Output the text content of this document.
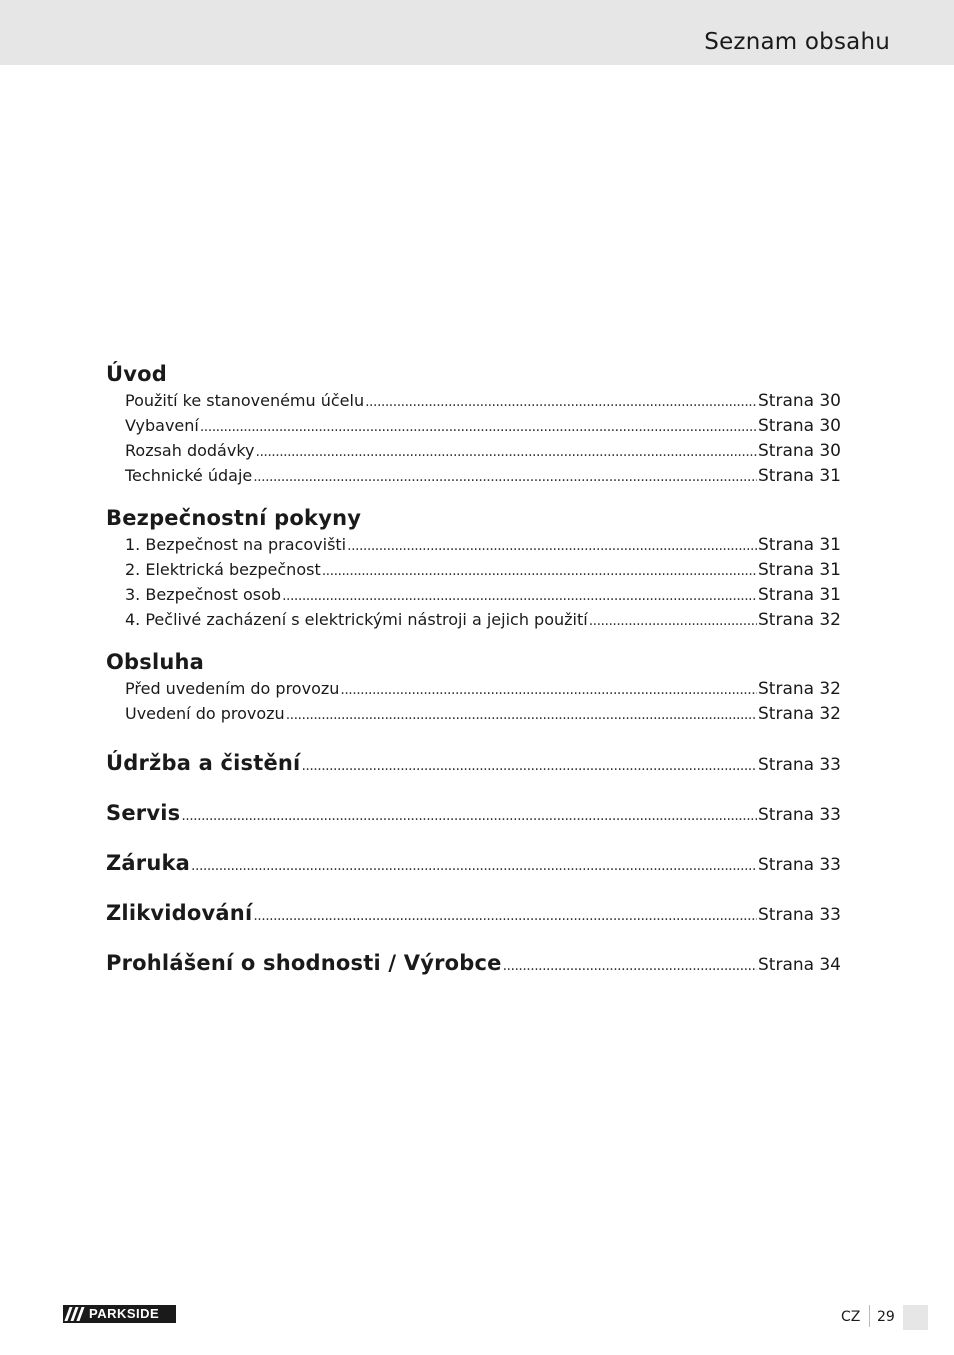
Seznam obsahu
Úvod
Použití ke stanovenému účelu .....	Strana 30
Vybavení .....	Strana 30
Rozsah dodávky .....	Strana 30
Technické údaje .....	Strana 31
Bezpečnostní pokyny
1. Bezpečnost na pracovišti .....	Strana 31
2. Elektrická bezpečnost .....	Strana 31
3. Bezpečnost osob .....	Strana 31
4. Pečlivé zacházení s elektrickými nástroji a jejich použití .....	Strana 32
Obsluha
Před uvedením do provozu .....	Strana 32
Uvedení do provozu .....	Strana 32
Údržba a čistění .....	Strana 33
Servis .....	Strana 33
Záruka .....	Strana 33
Zlikvidování .....	Strana 33
Prohlášení o shodnosti / Výrobce .....	Strana 34
PARKSIDE	CZ 29
